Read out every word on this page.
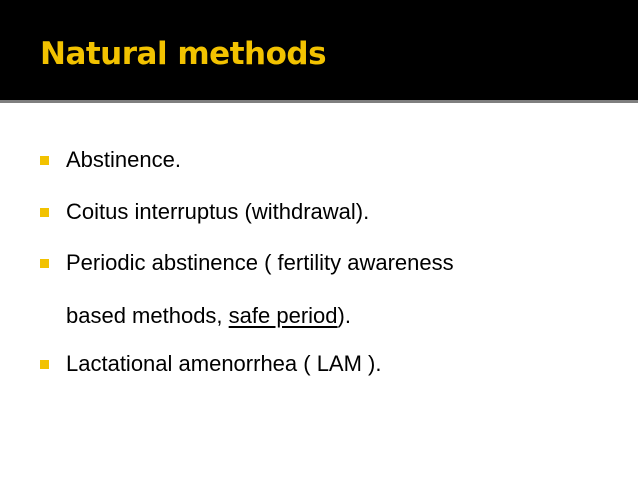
Natural methods
Abstinence.
Coitus interruptus (withdrawal).
Periodic abstinence ( fertility awareness
based methods, safe period).
Lactational amenorrhea ( LAM ).
